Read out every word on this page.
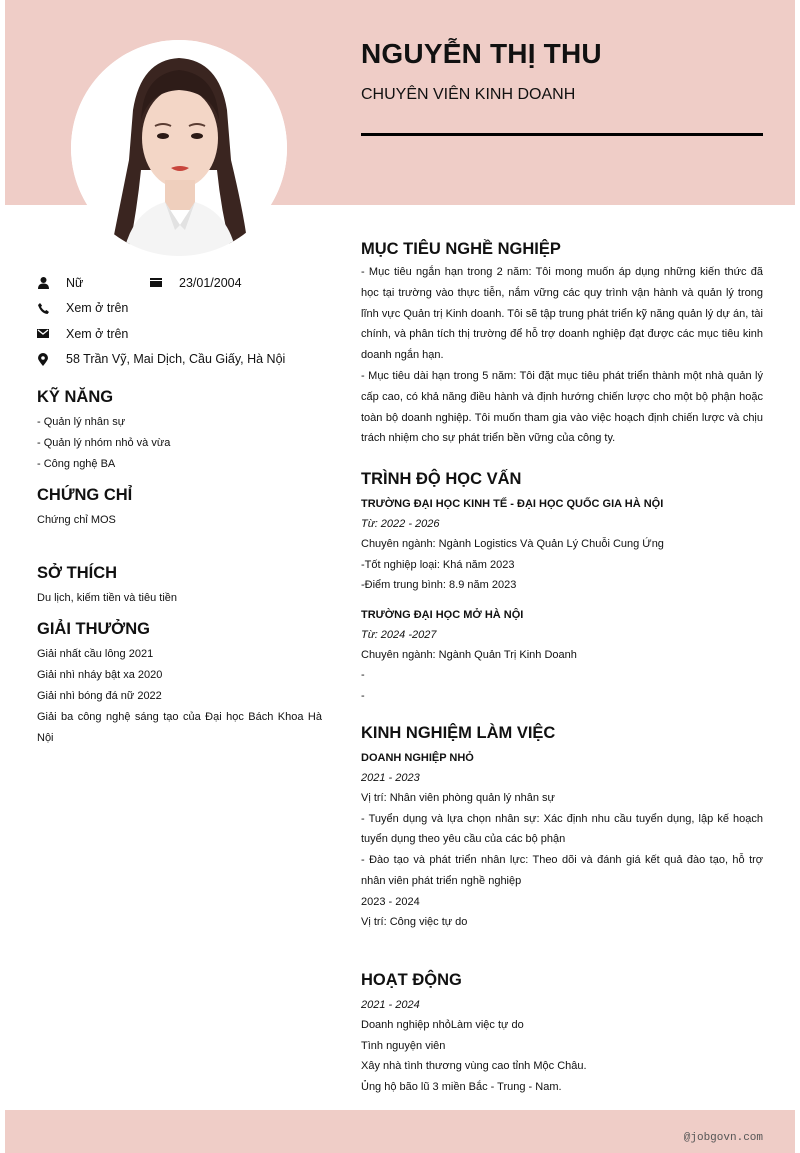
NGUYỄN THỊ THU
CHUYÊN VIÊN KINH DOANH
Nữ	23/01/2004
Xem ở trên
Xem ở trên
58 Trần Vỹ, Mai Dịch, Cầu Giấy, Hà Nội
KỸ NĂNG
- Quản lý nhân sự
- Quản lý nhóm nhỏ và vừa
- Công nghệ BA
CHỨNG CHỈ
Chứng chỉ MOS
SỞ THÍCH
Du lịch, kiếm tiền và tiêu tiền
GIẢI THƯỞNG
Giải nhất cầu lông 2021
Giải nhì nháy bật xa 2020
Giải nhì bóng đá nữ 2022
Giải ba công nghệ sáng tạo của Đại học Bách Khoa Hà Nội
MỤC TIÊU NGHỀ NGHIỆP
- Mục tiêu ngắn hạn trong 2 năm: Tôi mong muốn áp dụng những kiến thức đã học tại trường vào thực tiễn, nắm vững các quy trình vận hành và quản lý trong lĩnh vực Quản trị Kinh doanh. Tôi sẽ tập trung phát triển kỹ năng quản lý dự án, tài chính, và phân tích thị trường để hỗ trợ doanh nghiệp đạt được các mục tiêu kinh doanh ngắn hạn.
- Mục tiêu dài hạn trong 5 năm: Tôi đặt mục tiêu phát triển thành một nhà quản lý cấp cao, có khả năng điều hành và định hướng chiến lược cho một bộ phận hoặc toàn bộ doanh nghiệp. Tôi muốn tham gia vào việc hoạch định chiến lược và chịu trách nhiệm cho sự phát triển bền vững của công ty.
TRÌNH ĐỘ HỌC VẤN
TRƯỜNG ĐẠI HỌC KINH TẾ - ĐẠI HỌC QUỐC GIA HÀ NỘI
Từ: 2022 - 2026
Chuyên ngành: Ngành Logistics Và Quản Lý Chuỗi Cung Ứng
-Tốt nghiệp loại: Khá năm 2023
-Điểm trung bình: 8.9 năm 2023
TRƯỜNG ĐẠI HỌC MỞ HÀ NỘI
Từ: 2024 -2027
Chuyên ngành: Ngành Quản Trị Kinh Doanh
-
-
KINH NGHIỆM LÀM VIỆC
DOANH NGHIỆP NHỎ
2021 - 2023
Vị trí: Nhân viên phòng quản lý nhân sự
- Tuyển dụng và lựa chọn nhân sự: Xác định nhu cầu tuyển dụng, lập kế hoạch tuyển dụng theo yêu cầu của các bộ phận
- Đào tạo và phát triển nhân lực: Theo dõi và đánh giá kết quả đào tạo, hỗ trợ nhân viên phát triển nghề nghiệp
2023 - 2024
Vị trí: Công việc tự do
HOẠT ĐỘNG
2021 - 2024
Doanh nghiệp nhỏLàm việc tự do
Tình nguyện viên
Xây nhà tình thương vùng cao tỉnh Mộc Châu.
Ủng hộ bão lũ 3 miền Bắc - Trung - Nam.
@jobgovn.com
